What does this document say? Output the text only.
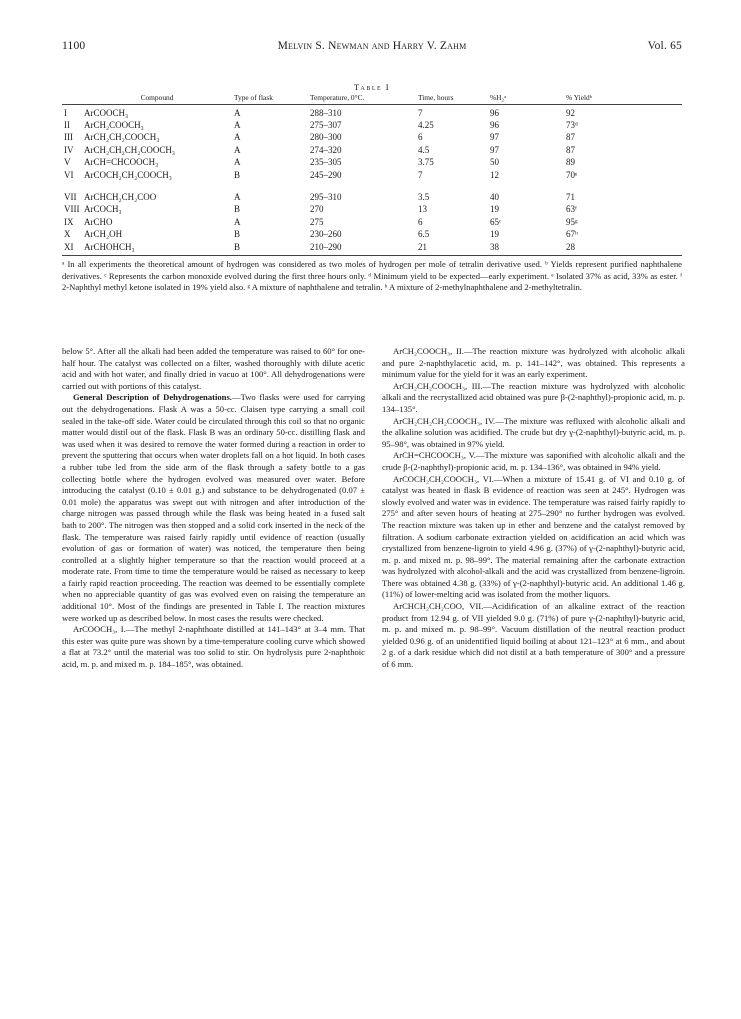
1100	Melvin S. Newman and Harry V. Zahm	Vol. 65
Table I
	Compound	Type of flask	Temperature, 0°C.	Time, hours	%H₂ᵃ	% Yieldᵇ
I	ArCOOCH₃	A	288–310	7	96	92
II	ArCH₂COOCH₃	A	275–307	4.25	96	73ᵈ
III	ArCH₂CH₂COOCH₃	A	280–300	6	97	87
IV	ArCH₂CH₂CH₂COOCH₃	A	274–320	4.5	97	87
V	ArCH=CHCOOCH₃	A	235–305	3.75	50	89
VI	ArCOCH₂CH₂COOCH₃	B	245–290	7	12	70ᵉ

VII	ArCHCH₂CH₂COO	A	295–310	3.5	40	71
VIII	ArCOCH₃	B	270	13	19	63ᶠ
IX	ArCHO	A	275	6	65ᶜ	95ᵍ
X	ArCH₂OH	B	230–260	6.5	19	67ʰ
XI	ArCHOHCH₃	B	210–290	21	38	28
ᵃ In all experiments the theoretical amount of hydrogen was considered as two moles of hydrogen per mole of tetralin derivative used. ᵇ Yields represent purified naphthalene derivatives. ᶜ Represents the carbon monoxide evolved during the first three hours only. ᵈ Minimum yield to be expected—early experiment. ᵉ Isolated 37% as acid, 33% as ester. ᶠ 2-Naphthyl methyl ketone isolated in 19% yield also. ᵍ A mixture of naphthalene and tetralin. ʰ A mixture of 2-methylnaphthalene and 2-methyltetralin.

below 5°. After all the alkali had been added the temperature was raised to 60° for one-half hour. The catalyst was collected on a filter, washed thoroughly with dilute acetic acid and with hot water, and finally dried in vacuo at 100°. All dehydrogenations were carried out with portions of this catalyst.

General Description of Dehydrogenations.—Two flasks were used for carrying out the dehydrogenations. Flask A was a 50-cc. Claisen type carrying a small coil sealed in the take-off side. Water could be circulated through this coil so that no organic matter would distil out of the flask. Flask B was an ordinary 50-cc. distilling flask and was used when it was desired to remove the water formed during a reaction in order to prevent the sputtering that occurs when water droplets fall on a hot liquid. In both cases a rubber tube led from the side arm of the flask through a safety bottle to a gas collecting bottle where the hydrogen evolved was measured over water. Before introducing the catalyst (0.10 ± 0.01 g.) and substance to be dehydrogenated (0.07 ± 0.01 mole) the apparatus was swept out with nitrogen and after introduction of the charge nitrogen was passed through while the flask was being heated in a fused salt bath to 200°. The nitrogen was then stopped and a solid cork inserted in the neck of the flask. The temperature was raised fairly rapidly until evidence of reaction (usually evolution of gas or formation of water) was noticed, the temperature then being controlled at a slightly higher temperature so that the reaction would proceed at a moderate rate. From time to time the temperature would be raised as necessary to keep a fairly rapid reaction proceeding. The reaction was deemed to be essentially complete when no appreciable quantity of gas was evolved even on raising the temperature an additional 10°. Most of the findings are presented in Table I. The reaction mixtures were worked up as described below. In most cases the results were checked.

ArCOOCH₃, I.—The methyl 2-naphthoate distilled at 141–143° at 3–4 mm. That this ester was quite pure was shown by a time-temperature cooling curve which showed a flat at 73.2° until the material was too solid to stir. On hydrolysis pure 2-naphthoic acid, m. p. and mixed m. p. 184–185°, was obtained.

ArCH₂COOCH₃, II.—The reaction mixture was hydrolyzed with alcoholic alkali and pure 2-naphthylacetic acid, m. p. 141–142°, was obtained. This represents a minimum value for the yield for it was an early experiment.

ArCH₂CH₂COOCH₃, III.—The reaction mixture was hydrolyzed with alcoholic alkali and the recrystallized acid obtained was pure β-(2-naphthyl)-propionic acid, m. p. 134–135°.

ArCH₂CH₂CH₂COOCH₃, IV.—The mixture was refluxed with alcoholic alkali and the alkaline solution was acidified. The crude but dry γ-(2-naphthyl)-butyric acid, m. p. 95–98°, was obtained in 97% yield.

ArCH=CHCOOCH₃, V.—The mixture was saponified with alcoholic alkali and the crude β-(2-naphthyl)-propionic acid, m. p. 134–136°, was obtained in 94% yield.

ArCOCH₂CH₂COOCH₃, VI.—When a mixture of 15.41 g. of VI and 0.10 g. of catalyst was heated in flask B evidence of reaction was seen at 245°. Hydrogen was slowly evolved and water was in evidence. The temperature was raised fairly rapidly to 275° and after seven hours of heating at 275–290° no further hydrogen was evolved. The reaction mixture was taken up in ether and benzene and the catalyst removed by filtration. A sodium carbonate extraction yielded on acidification an acid which was crystallized from benzene-ligroin to yield 4.96 g. (37%) of γ-(2-naphthyl)-butyric acid, m. p. and mixed m. p. 98–99°. The material remaining after the carbonate extraction was hydrolyzed with alcohol-alkali and the acid was crystallized from benzene-ligroin. There was obtained 4.38 g. (33%) of γ-(2-naphthyl)-butyric acid. An additional 1.46 g. (11%) of lower-melting acid was isolated from the mother liquors.

ArCHCH₂CH₂COO, VII.—Acidification of an alkaline extract of the reaction product from 12.94 g. of VII yielded 9.0 g. (71%) of pure γ-(2-naphthyl)-butyric acid, m. p. and mixed m. p. 98–99°. Vacuum distillation of the neutral reaction product yielded 0.96 g. of an unidentified liquid boiling at about 121–123° at 6 mm., and about 2 g. of a dark residue which did not distil at a bath temperature of 300° and a pressure of 6 mm.
